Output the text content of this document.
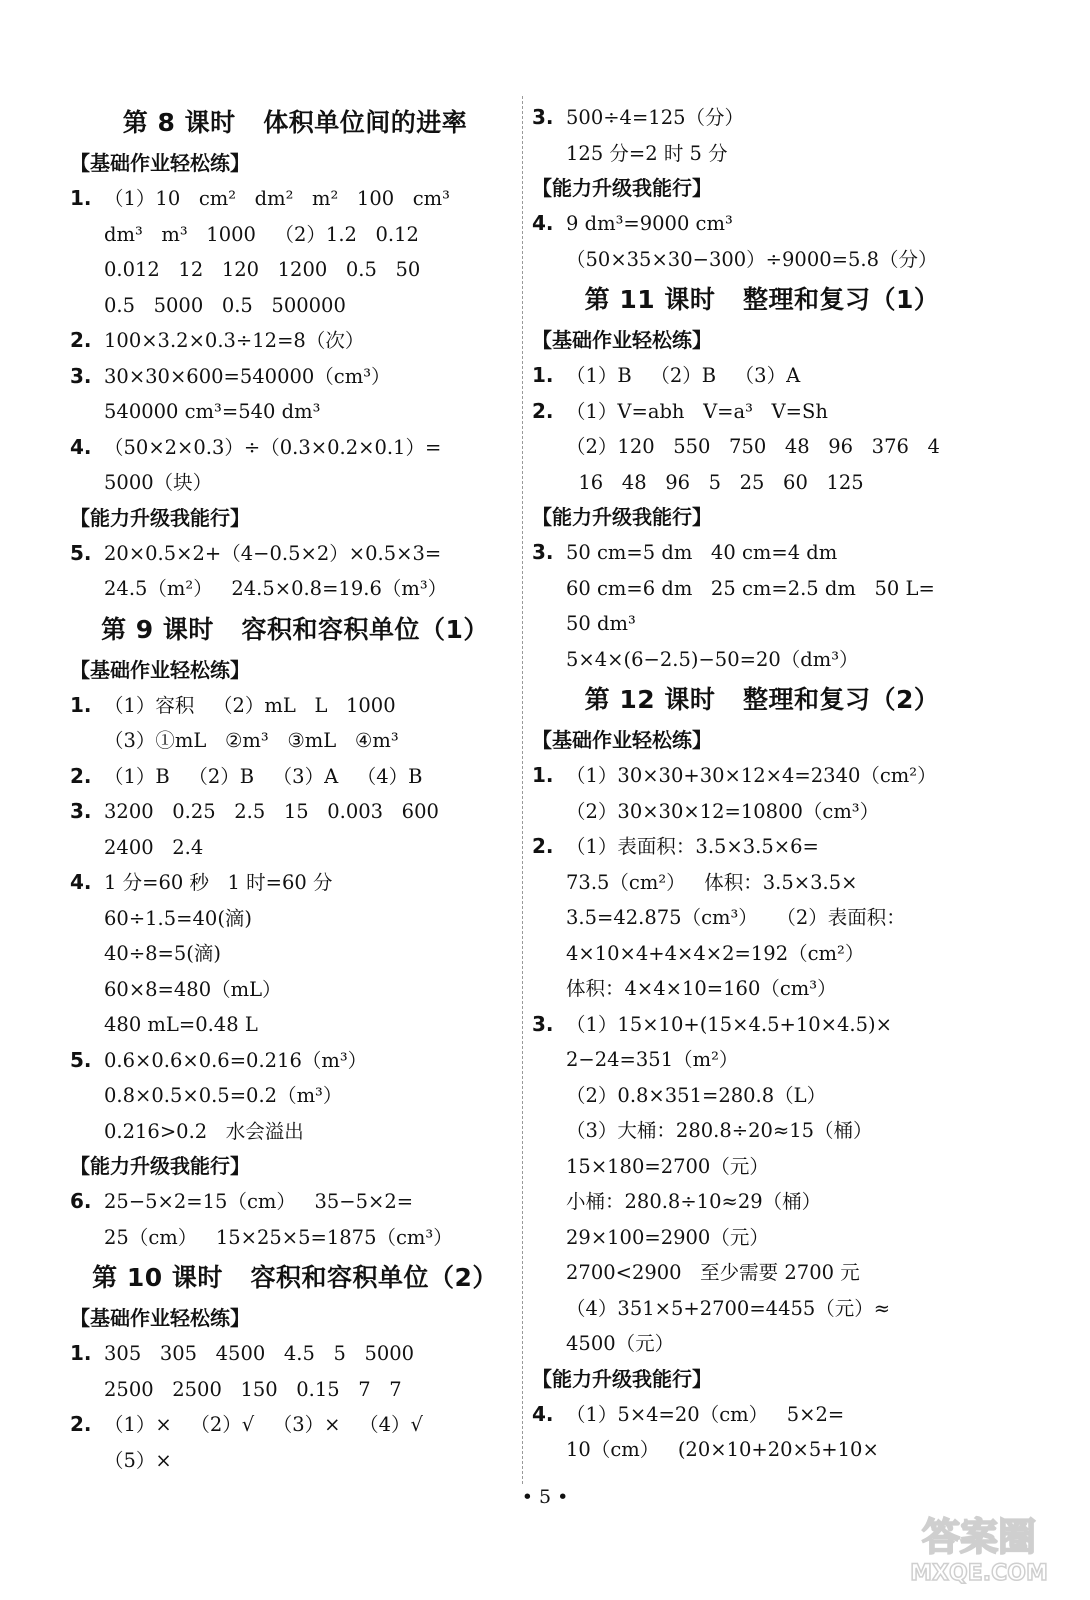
第 8 课时   体积单位间的进率
【基础作业轻松练】
1. （1）10   cm²   dm²   m²   100   cm³
dm³   m³   1000   （2）1.2   0.12
0.012   12   120   1200   0.5   50
0.5   5000   0.5   500000
2. 100×3.2×0.3÷12=8（次）
3. 30×30×600=540000（cm³）
540000 cm³=540 dm³
4. （50×2×0.3）÷（0.3×0.2×0.1）=
5000（块）
【能力升级我能行】
5. 20×0.5×2+（4−0.5×2）×0.5×3=
24.5（m²）   24.5×0.8=19.6（m³）
第 9 课时   容积和容积单位（1）
【基础作业轻松练】
1. （1）容积   （2）mL   L   1000
（3）①mL   ②m³   ③mL   ④m³
2. （1）B   （2）B   （3）A   （4）B
3. 3200   0.25   2.5   15   0.003   600
2400   2.4
4. 1 分=60 秒   1 时=60 分
60÷1.5=40(滴)
40÷8=5(滴)
60×8=480（mL）
480 mL=0.48 L
5. 0.6×0.6×0.6=0.216（m³）
0.8×0.5×0.5=0.2（m³）
0.216>0.2   水会溢出
【能力升级我能行】
6. 25−5×2=15（cm）   35−5×2=
25（cm）   15×25×5=1875（cm³）
第 10 课时   容积和容积单位（2）
【基础作业轻松练】
1. 305   305   4500   4.5   5   5000
2500   2500   150   0.15   7   7
2. （1）×   （2）√   （3）×   （4）√
（5）×
3. 500÷4=125（分）
125 分=2 时 5 分
【能力升级我能行】
4. 9 dm³=9000 cm³
（50×35×30−300）÷9000=5.8（分）
第 11 课时   整理和复习（1）
【基础作业轻松练】
1. （1）B   （2）B   （3）A
2. （1）V=abh   V=a³   V=Sh
（2）120   550   750   48   96   376   4
16   48   96   5   25   60   125
【能力升级我能行】
3. 50 cm=5 dm   40 cm=4 dm
60 cm=6 dm   25 cm=2.5 dm   50 L=
50 dm³
5×4×(6−2.5)−50=20（dm³）
第 12 课时   整理和复习（2）
【基础作业轻松练】
1. （1）30×30+30×12×4=2340（cm²）
（2）30×30×12=10800（cm³）
2. （1）表面积：3.5×3.5×6=
73.5（cm²）   体积：3.5×3.5×
3.5=42.875（cm³）   （2）表面积：
4×10×4+4×4×2=192（cm²）
体积：4×4×10=160（cm³）
3. （1）15×10+(15×4.5+10×4.5)×
2−24=351（m²）
（2）0.8×351=280.8（L）
（3）大桶：280.8÷20≈15（桶）
15×180=2700（元）
小桶：280.8÷10≈29（桶）
29×100=2900（元）
2700<2900   至少需要 2700 元
（4）351×5+2700=4455（元）≈
4500（元）
【能力升级我能行】
4. （1）5×4=20（cm）   5×2=
10（cm）   (20×10+20×5+10×
• 5 •
答案圈
MXQE.COM
